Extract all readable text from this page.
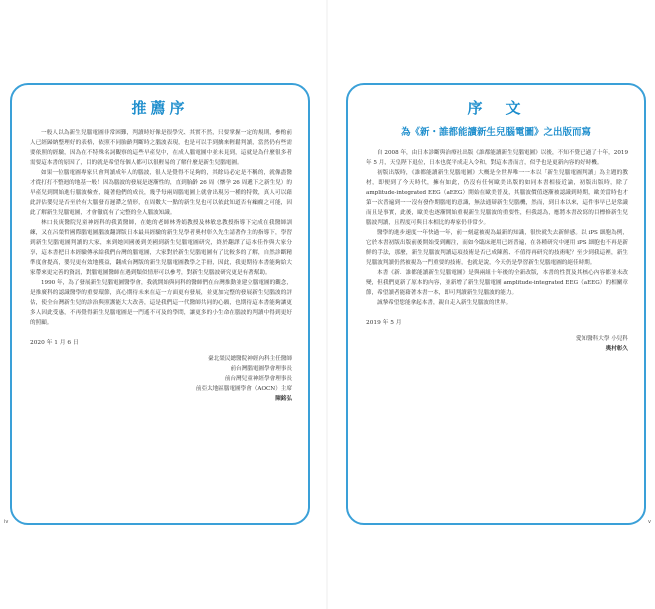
推薦序

一般人以為新生兒腦電圖非常困難，判讀時好像是很學究、其實不然，只要掌握一定的規則，參酌前人已經歸納整理好的表格，依照不同胎齡判斷時之腦波表現，也是可以手到擒來輕鬆判讀，當然仍有些需要依照的經驗，因為在不特殊名詞觀察的這些早產兒中，在成人腦電圖中並未見到，這就是為什麼很多者需要這本書的原因了，目的就是希望每個人都可以很輕易的了解什麼是新生兒腦電圖。

如果一位腦電圖專家只會判讀成年人的腦波，很人是覺得不足夠的，其餘局必定是不稱的，就像盡醫才從打打不整迴的地基一般！因為腦波的發展是逐漸性的，直到胎齡 26 周（懷孕 26 周遞下之新生兒）的早產兒到開始進行腦波檢查，隨著他們的成長，幾乎每兩周腦電圖上就會出現另一種的特徵，真人可以藉此評估嬰兒是否至於有大腦發育遲滯之情形，在周數大一點的新生兒也可以依此知道否有癲癇之可能，因此了解新生兒腦電圖，才會徹底有了完整的全人腦波知識。

林口長庚醫院兒童神經科的我黃醫師，在她的老師林秀娟教授及林敏忠教授指導下完成在我醫師訓練，又在呂榮哲國際腦電圖腦波翻譯版日本最具經驗的新生兒學者奧村彰久先生請著作主的指導下，學習到新生兒腦電圖判讀的大家，來到她回國後到美國到新生兒腦電圖研究，終於翻譯了這本佳作與大家分享，這本書把日本經驗傳承給我們台灣的腦電圖，大家對於新生兒腦電圖有了比較多的了解，自然診斷精準度會提高，嬰兒更有效地獲益，翻成台灣版的新生兒腦電圖教學之手冊，因此，我更期待本書能夠給大家帶來更完善的資訊，對腦電圖醫師在遇到類似情形可以參考，對新生兒腦波研究更是有著幫助。

1990 年，為了發展新生兒腦電圖醫學會，我就開始與同科的醫師們在台灣推動並建立腦電圖的觀念，是推廣科的認識醫學的重要環節，真心期待未來在這一方面更有發展，並更加完整的發展新生兒腦波的評估，使全台灣新生兒的診治與照護能大大改善，這是我們這一代醫師共同的心願，也期待這本書能夠讓更多人因此受惠，不再覺得新生兒腦電圖是一門遙不可及的學問，讓更多的小生命在腦波的判讀中得到更好的照顧。

2020 年 1 月 6 日
臺北榮民總醫院神經內科主任醫師
前台灣腦電圖學會理事長
前台灣兒童神經學會理事長
前亞太地區腦電圖學會（AOCN）主席
陳銘弘
iv
序　文
為《新・誰都能讀新生兒腦電圖》之出版而寫

自 2008 年，由日本診斷與治療社出版《誰都能讀新生兒腦電圖》以後，不知不覺已過了十年，2019 年 5 月，天皇陛下退位，日本也從平成走入令和，對這本書而言，似乎也是更新內容的好時機。

初版出版時，《誰都能讀新生兒腦電圖》大概是全世界唯一一本以「新生兒腦電圖判讀」為主題的教材，即便到了今天時代，擁有如此，仍沒有任何歐美出版的如同本書相接近論，初版出版時，除了 amplitude-integrated EEG（aEEG）開始在歐美普及，其腦波價值逐漸被認識到時期，歐美當時也才第一次普遍到一一沒有發作期腦電的意識，無法通辯新生兒腦機，然而，到日本以來，這件事早已是常識而且是事實，此後，歐美也逐漸開始重視新生兒腦波的重要性，但我認為，應將本書改寫的目標修新生兒腦波判讀，且程度可與日本相比的專家仍非常少。

醫學的進步速度一年快過一年，前一刻還被視為最新的知識，很快就失去新鮮感。以 iPS 細胞為例，它於本書初版出版前後開始受到關注，而如今臨床運用已經普遍，在各種研究中運用 iPS 細胞也不再是新鮮的手法，那麼，新生兒腦波判讀這項技術是否已成陳舊、不值得再研究的技術呢？至少到我這裡，新生兒腦波判讀仍然被視為一門重要的技術，也就是說，今天仍是學習新生兒腦電圖的絕佳時期。

本書《新．誰都能讀新生兒腦電圖》是與兩組十年後的全新改版，本書的性質及其核心內容都並未改變，但我們更新了原本的內容，並新增了新生兒腦電圖 amplitude-integrated EEG（aEEG）的相關章節，希望讀者能藉著本書一本，即可判讀新生兒腦波的能力。

誠摯希望您能拿起本書，親自走入新生兒腦波的世界。

2019 年 5 月
愛知醫科大學 小兒科
奧村彰久
v
